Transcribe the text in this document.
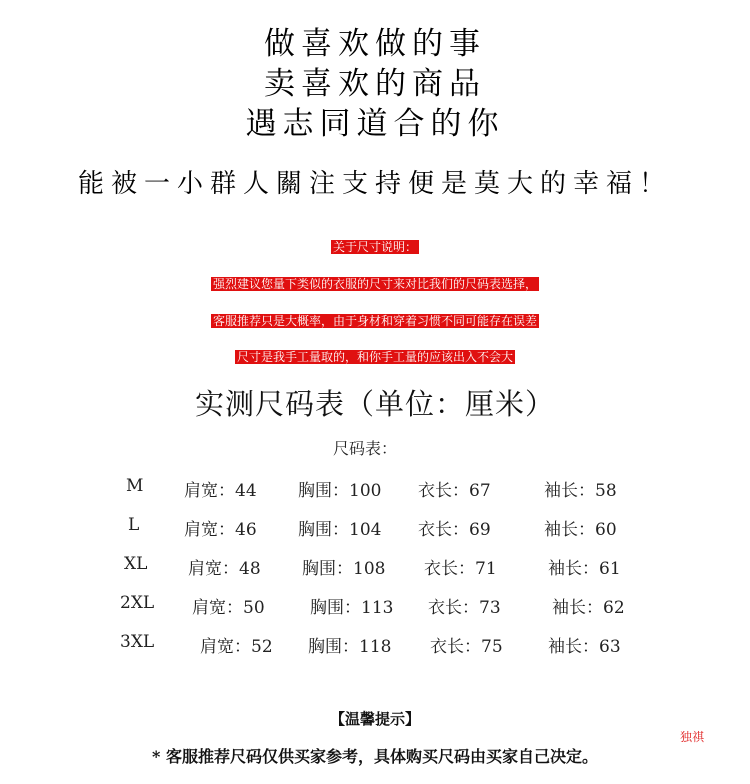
做喜欢做的事
卖喜欢的商品
遇志同道合的你
能被一小群人關注支持便是莫大的幸福！
关于尺寸说明：
强烈建议您量下类似的衣服的尺寸来对比我们的尺码表选择，
客服推荐只是大概率，由于身材和穿着习惯不同可能存在误差
尺寸是我手工量取的，和你手工量的应该出入不会大
实测尺码表（单位：厘米）
尺码表：
M 肩宽：44 胸围：100 衣长：67	袖长：58
L	肩宽：46 胸围：104 衣长：69	袖长：60
XL 肩宽：48 胸围：108 衣长：71	袖长：61
2XL 肩宽：50	胸围：113 衣长：73	袖长：62
3XL	肩宽：52 胸围：118 衣长：75	袖长：63
【温馨提示】
* 客服推荐尺码仅供买家参考，具体购买尺码由买家自己决定。
独祺
